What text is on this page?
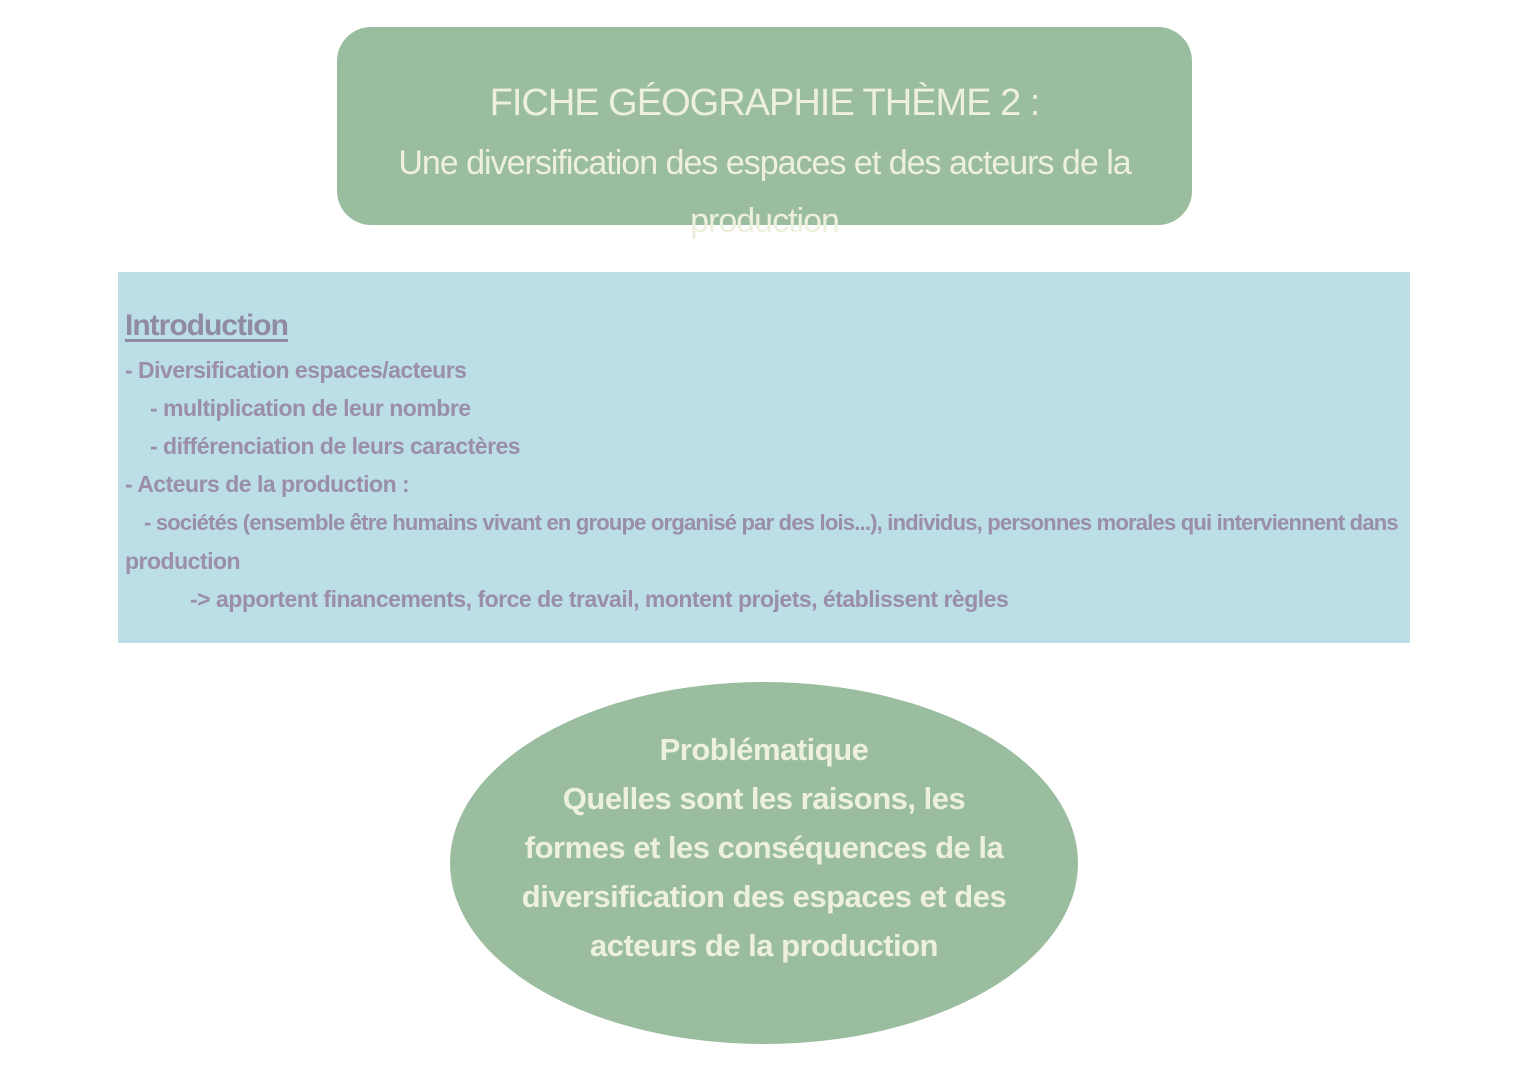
FICHE GÉOGRAPHIE THÈME 2 :
Une diversification des espaces et des acteurs de la
production
Introduction
- Diversification espaces/acteurs
- multiplication de leur nombre
- différenciation de leurs caractères
- Acteurs de la production :
- sociétés (ensemble être humains vivant en groupe organisé par des lois...), individus, personnes morales qui interviennent dans
production
-> apportent financements, force de travail, montent projets, établissent règles
Problématique
Quelles sont les raisons, les
formes et les conséquences de la
diversification des espaces et des
acteurs de la production
